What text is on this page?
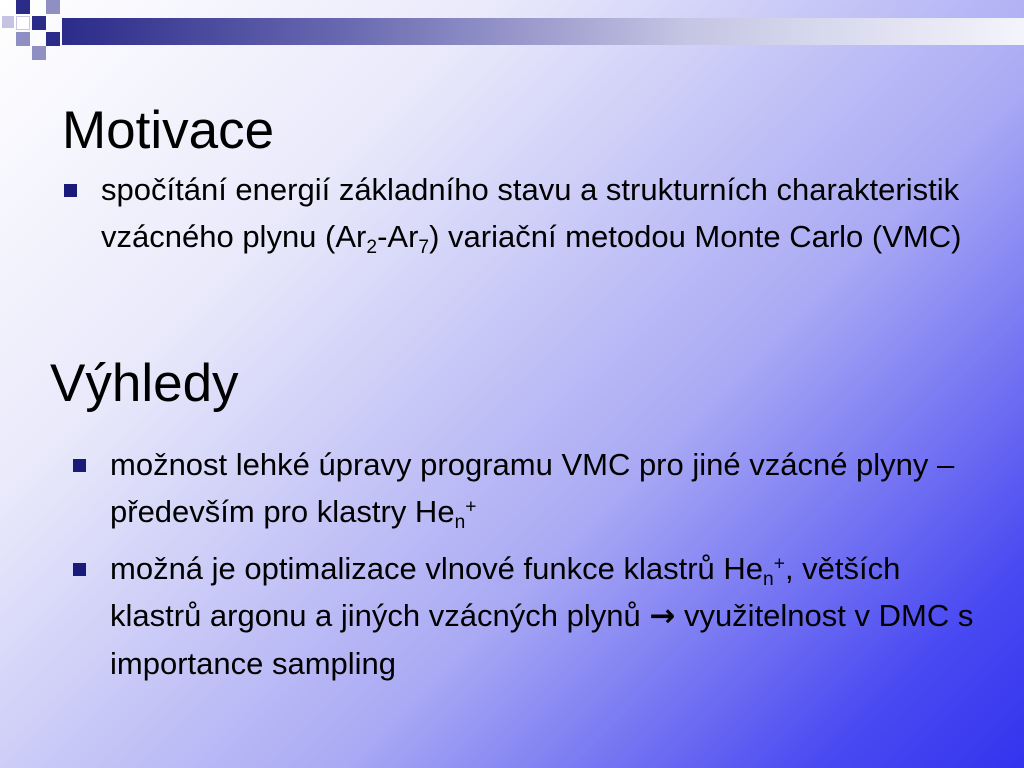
Motivace
spočítání energií základního stavu a strukturních charakteristik vzácného plynu $(Ar_2-Ar_7)$ variační metodou Monte Carlo (VMC)
Výhledy
možnost lehké úpravy programu VMC pro jiné vzácné plyny – především pro klastry $He_n^+$
možná je optimalizace vlnové funkce klastrů $He_n^+$, větších klastrů argonu a jiných vzácných plynů → využitelnost v DMC s importance sampling
